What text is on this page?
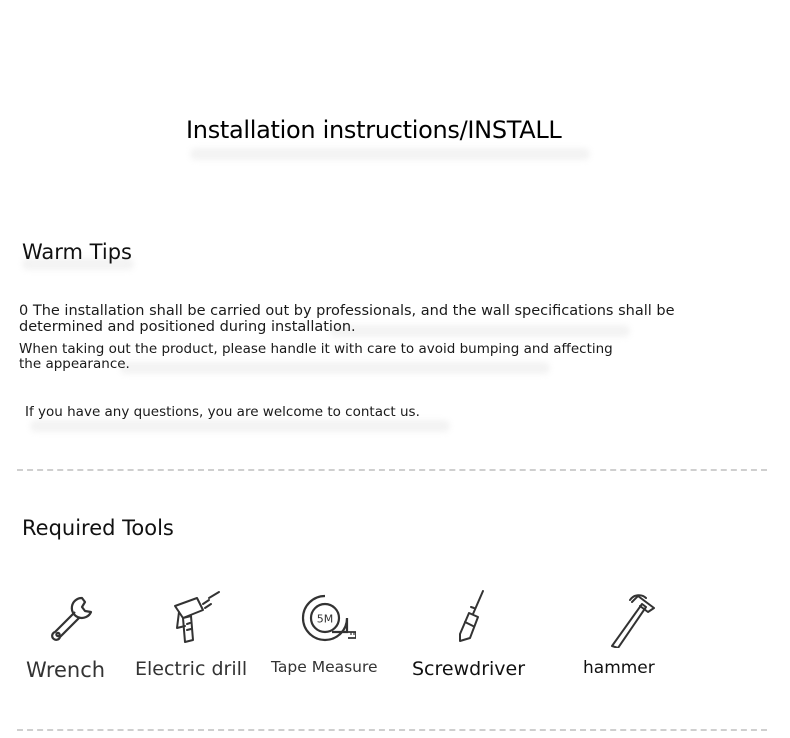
Installation instructions/INSTALL
Warm Tips
0 The installation shall be carried out by professionals, and the wall specifications shall be
determined and positioned during installation.
When taking out the product, please handle it with care to avoid bumping and affecting
the appearance.
If you have any questions, you are welcome to contact us.
Required Tools
5M
Wrench Electric drill Tape Measure Screwdriver	hammer
